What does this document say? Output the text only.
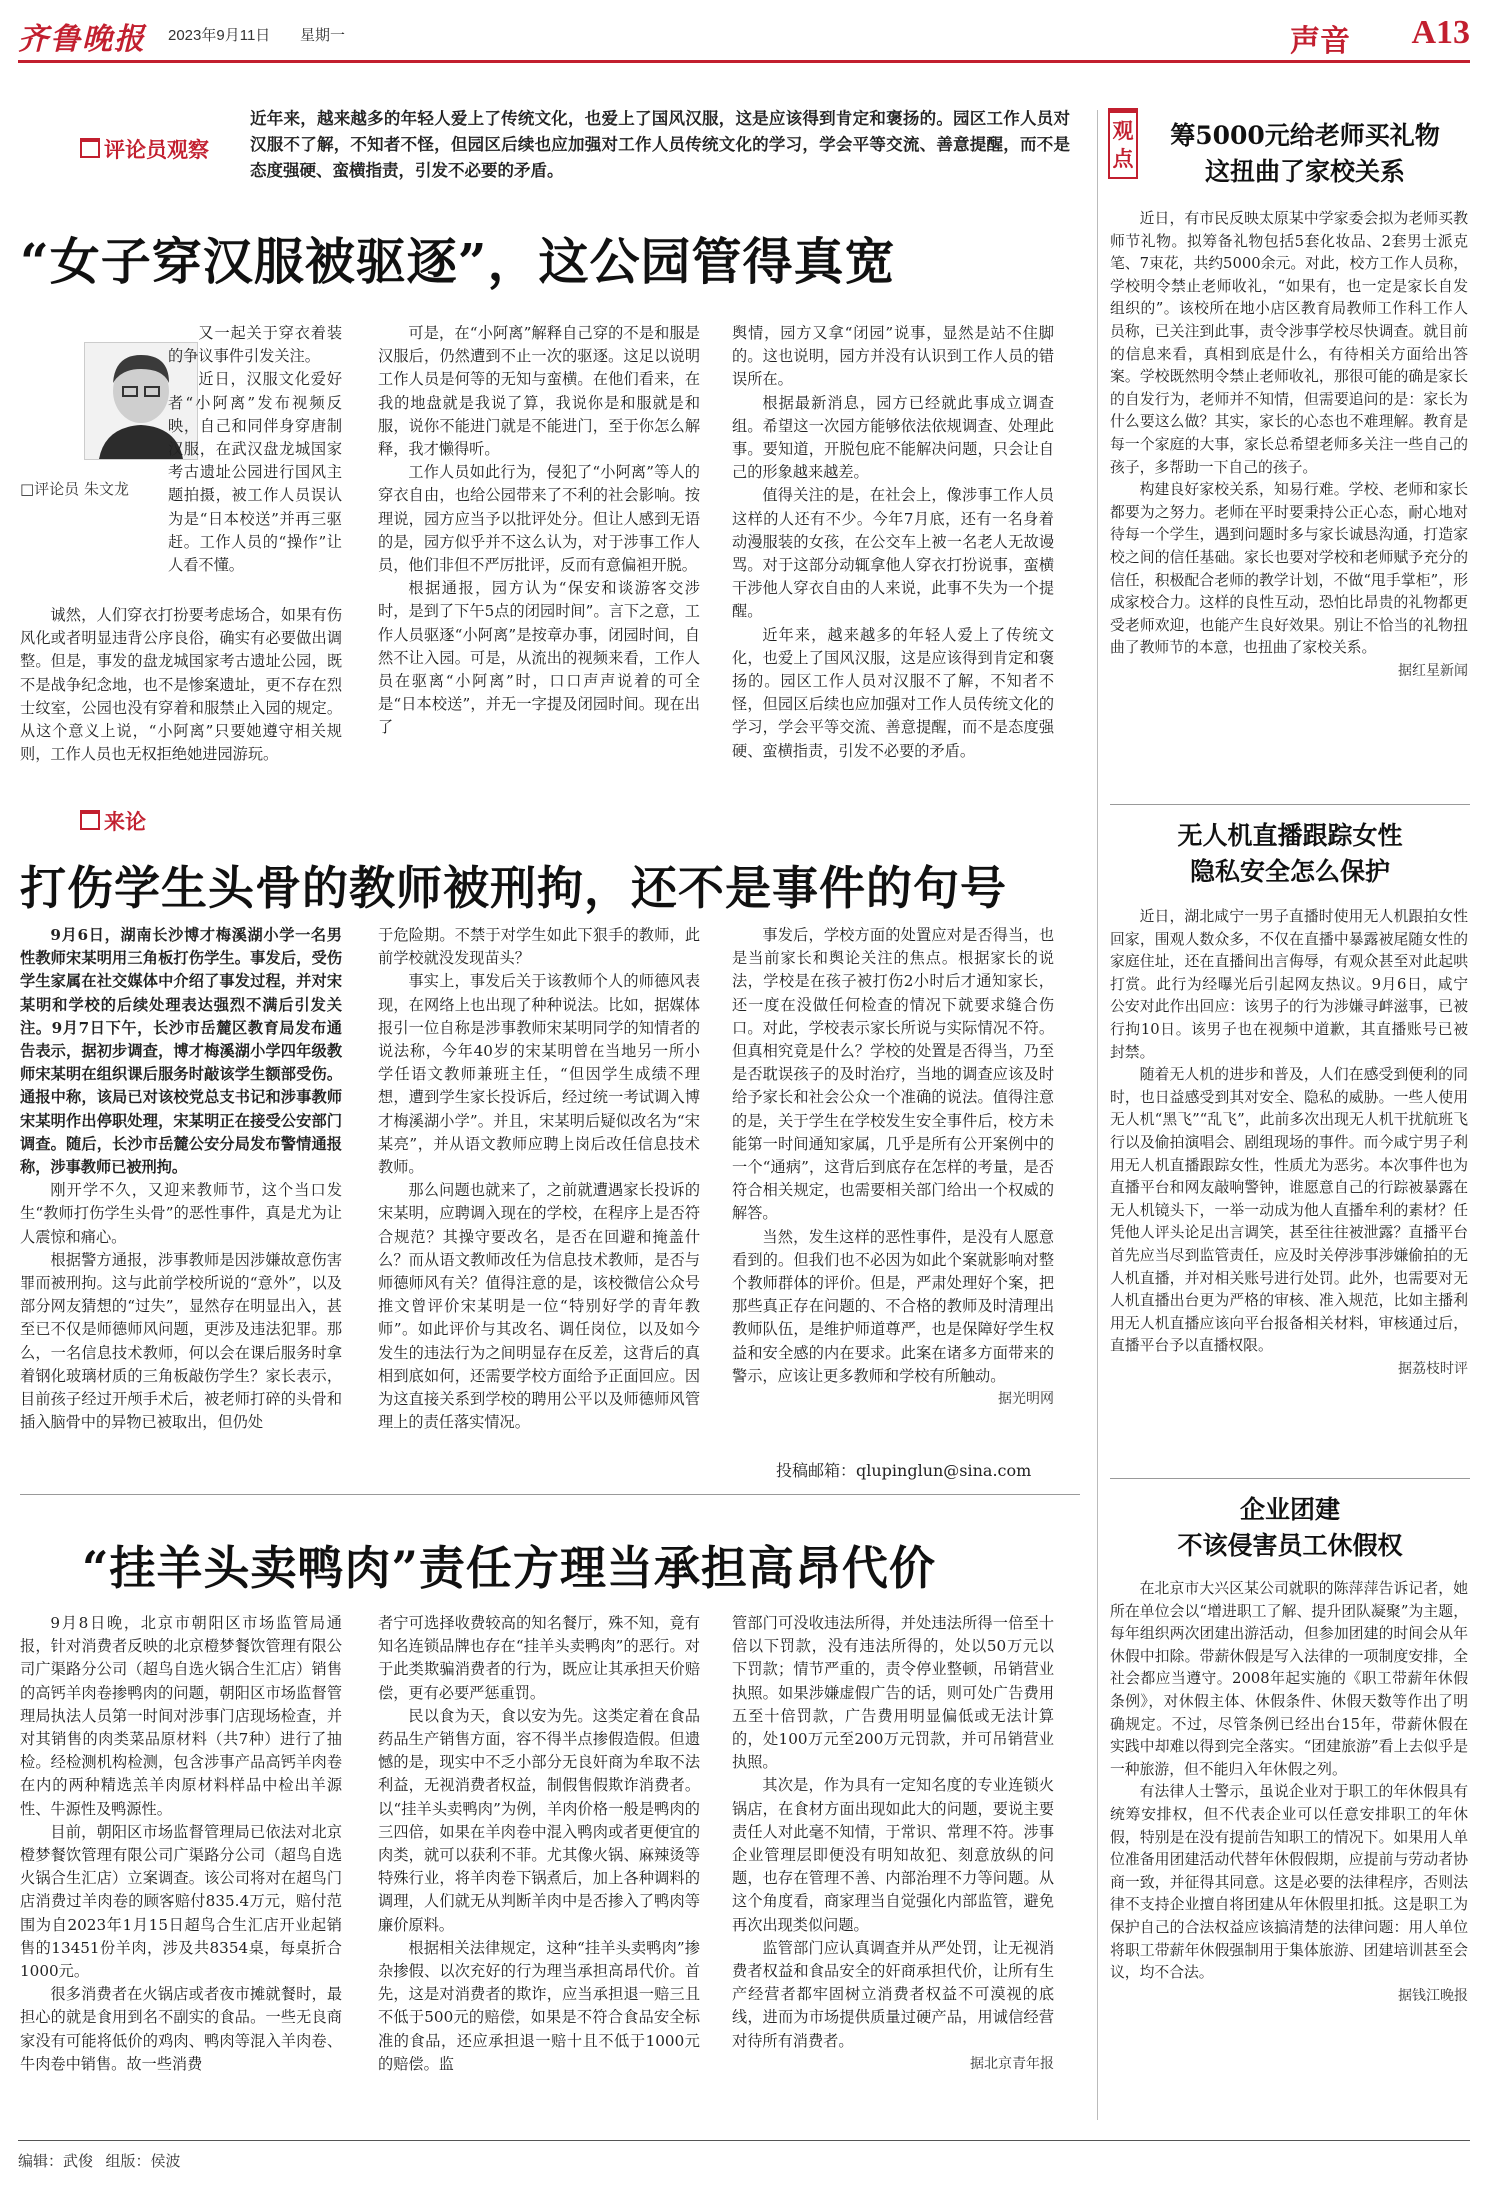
齐鲁晚报 2023年9月11日 星期一	声音 A13
近年来，越来越多的年轻人爱上了传统文化，也爱上了国风汉服，这是应该得到肯定和褒扬的。园区工作人员对汉服不了解，不知者不怪，但园区后续也应加强对工作人员传统文化的学习，学会平等交流、善意提醒，而不是态度强硬、蛮横指责，引发不必要的矛盾。
评论员观察
“女子穿汉服被驱逐”，这公园管得真宽
□评论员 朱文龙

又一起关于穿衣着装的争议事件引发关注。

近日，汉服文化爱好者“小阿离”发布视频反映，自己和同伴身穿唐制汉服，在武汉盘龙城国家考古遗址公园进行国风主题拍摄，被工作人员误认为是“日本校送”并再三驱赶。工作人员的“操作”让人看不懂。

诚然，人们穿衣打扮要考虑场合，如果有伤风化或者明显违背公序良俗，确实有必要做出调整。但是，事发的盘龙城国家考古遗址公园，既不是战争纪念地，也不是惨案遗址，更不存在烈士纹室，公园也没有穿着和服禁止入园的规定。从这个意义上说，“小阿离”只要她遵守相关规则，工作人员也无权拒绝她进园游玩。

可是，在“小阿离”解释自己穿的不是和服是汉服后，仍然遭到不止一次的驱逐。这足以说明工作人员是何等的无知与蛮横。在他们看来，在我的地盘就是我说了算，我说你是和服就是和服，说你不能进门就是不能进门，至于你怎么解释，我才懒得听。

工作人员如此行为，侵犯了“小阿离”等人的穿衣自由，也给公园带来了不利的社会影响。按理说，园方应当予以批评处分。但让人感到无语的是，园方似乎并不这么认为，对于涉事工作人员，他们非但不严厉批评，反而有意偏袒开脱。

根据通报，园方认为“保安和谈游客交涉时，是到了下午5点的闭园时间”。言下之意，工作人员驱逐“小阿离”是按章办事，闭园时间，自然不让入园。可是，从流出的视频来看，工作人员在驱离“小阿离”时，口口声声说着的可全是“日本校送”，并无一字提及闭园时间。现在出了

舆情，园方又拿“闭园”说事，显然是站不住脚的。这也说明，园方并没有认识到工作人员的错误所在。

根据最新消息，园方已经就此事成立调查组。希望这一次园方能够依法依规调查、处理此事。要知道，开脱包庇不能解决问题，只会让自己的形象越来越差。

值得关注的是，在社会上，像涉事工作人员这样的人还有不少。今年7月底，还有一名身着动漫服装的女孩，在公交车上被一名老人无故谩骂。对于这部分动辄拿他人穿衣打扮说事，蛮横干涉他人穿衣自由的人来说，此事不失为一个提醒。

近年来，越来越多的年轻人爱上了传统文化，也爱上了国风汉服，这是应该得到肯定和褒扬的。园区工作人员对汉服不了解，不知者不怪，但园区后续也应加强对工作人员传统文化的学习，学会平等交流、善意提醒，而不是态度强硬、蛮横指责，引发不必要的矛盾。

来论
打伤学生头骨的教师被刑拘，还不是事件的句号

9月6日，湖南长沙博才梅溪湖小学一名男性教师宋某明用三角板打伤学生。事发后，受伤学生家属在社交媒体中介绍了事发过程，并对宋某明和学校的后续处理表达强烈不满后引发关注。9月7日下午，长沙市岳麓区教育局发布通告表示，据初步调查，博才梅溪湖小学四年级教师宋某明在组织课后服务时敲该学生额部受伤。通报中称，该局已对该校党总支书记和涉事教师宋某明作出停职处理，宋某明正在接受公安部门调查。随后，长沙市岳麓公安分局发布警情通报称，涉事教师已被刑拘。

刚开学不久，又迎来教师节，这个当口发生“教师打伤学生头骨”的恶性事件，真是尤为让人震惊和痛心。

根据警方通报，涉事教师是因涉嫌故意伤害罪而被刑拘。这与此前学校所说的“意外”，以及部分网友猜想的“过失”，显然存在明显出入，甚至已不仅是师德师风问题，更涉及违法犯罪。那么，一名信息技术教师，何以会在课后服务时拿着钢化玻璃材质的三角板敲伤学生？家长表示，目前孩子经过开颅手术后，被老师打碎的头骨和插入脑骨中的异物已被取出，但仍处

于危险期。不禁于对学生如此下狠手的教师，此前学校就没发现苗头？

事实上，事发后关于该教师个人的师德风表现，在网络上也出现了种种说法。比如，据媒体报引一位自称是涉事教师宋某明同学的知情者的说法称，今年40岁的宋某明曾在当地另一所小学任语文教师兼班主任，“但因学生成绩不理想，遭到学生家长投诉后，经过统一考试调入博才梅溪湖小学”。并且，宋某明后疑似改名为“宋某亮”，并从语文教师应聘上岗后改任信息技术教师。

那么问题也就来了，之前就遭遇家长投诉的宋某明，应聘调入现在的学校，在程序上是否符合规范？其操守要改名，是否在回避和掩盖什么？而从语文教师改任为信息技术教师，是否与师德师风有关？值得注意的是，该校微信公众号推文曾评价宋某明是一位“特别好学的青年教师”。如此评价与其改名、调任岗位，以及如今发生的违法行为之间明显存在反差，这背后的真相到底如何，还需要学校方面给予正面回应。因为这直接关系到学校的聘用公平以及师德师风管理上的责任落实情况。

事发后，学校方面的处置应对是否得当，也是当前家长和舆论关注的焦点。根据家长的说法，学校是在孩子被打伤2小时后才通知家长，还一度在没做任何检查的情况下就要求缝合伤口。对此，学校表示家长所说与实际情况不符。但真相究竟是什么？学校的处置是否得当，乃至是否耽误孩子的及时治疗，当地的调查应该及时给予家长和社会公众一个准确的说法。值得注意的是，关于学生在学校发生安全事件后，校方未能第一时间通知家属，几乎是所有公开案例中的一个“通病”，这背后到底存在怎样的考量，是否符合相关规定，也需要相关部门给出一个权威的解答。

当然，发生这样的恶性事件，是没有人愿意看到的。但我们也不必因为如此个案就影响对整个教师群体的评价。但是，严肃处理好个案，把那些真正存在问题的、不合格的教师及时清理出教师队伍，是维护师道尊严，也是保障好学生权益和安全感的内在要求。此案在诸多方面带来的警示，应该让更多教师和学校有所触动。

据光明网
投稿邮箱：qlupinglun@sina.com
“挂羊头卖鸭肉”责任方理当承担高昂代价

9月8日晚，北京市朝阳区市场监管局通报，针对消费者反映的北京橙梦餐饮管理有限公司广渠路分公司（超鸟自选火锅合生汇店）销售的高钙羊肉卷掺鸭肉的问题，朝阳区市场监督管理局执法人员第一时间对涉事门店现场检查，并对其销售的肉类菜品原材料（共7种）进行了抽检。经检测机构检测，包含涉事产品高钙羊肉卷在内的两种精选羔羊肉原材料样品中检出羊源性、牛源性及鸭源性。

目前，朝阳区市场监督管理局已依法对北京橙梦餐饮管理有限公司广渠路分公司（超鸟自选火锅合生汇店）立案调查。该公司将对在超鸟门店消费过羊肉卷的顾客赔付835.4万元，赔付范围为自2023年1月15日超鸟合生汇店开业起销售的13451份羊肉，涉及共8354桌，每桌折合1000元。

很多消费者在火锅店或者夜市摊就餐时，最担心的就是食用到名不副实的食品。一些无良商家没有可能将低价的鸡肉、鸭肉等混入羊肉卷、牛肉卷中销售。故一些消费

者宁可选择收费较高的知名餐厅，殊不知，竟有知名连锁品牌也存在“挂羊头卖鸭肉”的恶行。对于此类欺骗消费者的行为，既应让其承担天价赔偿，更有必要严惩重罚。

民以食为天，食以安为先。这类定着在食品药品生产销售方面，容不得半点掺假造假。但遗憾的是，现实中不乏小部分无良奸商为牟取不法利益，无视消费者权益，制假售假欺诈消费者。以“挂羊头卖鸭肉”为例，羊肉价格一般是鸭肉的三四倍，如果在羊肉卷中混入鸭肉或者更便宜的肉类，就可以获利不菲。尤其像火锅、麻辣烫等特殊行业，将羊肉卷下锅煮后，加上各种调料的调理，人们就无从判断羊肉中是否掺入了鸭肉等廉价原料。

根据相关法律规定，这种“挂羊头卖鸭肉”掺杂掺假、以次充好的行为理当承担高昂代价。首先，这是对消费者的欺诈，应当承担退一赔三且不低于500元的赔偿，如果是不符合食品安全标准的食品，还应承担退一赔十且不低于1000元的赔偿。监

管部门可没收违法所得，并处违法所得一倍至十倍以下罚款，没有违法所得的，处以50万元以下罚款；情节严重的，责令停业整顿，吊销营业执照。如果涉嫌虚假广告的话，则可处广告费用五至十倍罚款，广告费用明显偏低或无法计算的，处100万元至200万元罚款，并可吊销营业执照。

其次是，作为具有一定知名度的专业连锁火锅店，在食材方面出现如此大的问题，要说主要责任人对此毫不知情，于常识、常理不符。涉事企业管理层即便没有明知故犯、刻意放纵的问题，也存在管理不善、内部治理不力等问题。从这个角度看，商家理当自觉强化内部监管，避免再次出现类似问题。

监管部门应认真调查并从严处罚，让无视消费者权益和食品安全的奸商承担代价，让所有生产经营者都牢固树立消费者权益不可漠视的底线，进而为市场提供质量过硬产品，用诚信经营对待所有消费者。

据北京青年报
观点
筹5000元给老师买礼物
这扭曲了家校关系

近日，有市民反映太原某中学家委会拟为老师买教师节礼物。拟筹备礼物包括5套化妆品、2套男士派克笔、7束花，共约5000余元。对此，校方工作人员称，学校明令禁止老师收礼，“如果有，也一定是家长自发组织的”。该校所在地小店区教育局教师工作科工作人员称，已关注到此事，责令涉事学校尽快调查。就目前的信息来看，真相到底是什么，有待相关方面给出答案。学校既然明令禁止老师收礼，那很可能的确是家长的自发行为，老师并不知情，但需要追问的是：家长为什么要这么做？其实，家长的心态也不难理解。教育是每一个家庭的大事，家长总希望老师多关注一些自己的孩子，多帮助一下自己的孩子。

构建良好家校关系，知易行难。学校、老师和家长都要为之努力。老师在平时要秉持公正心态，耐心地对待每一个学生，遇到问题时多与家长诚恳沟通，打造家校之间的信任基础。家长也要对学校和老师赋予充分的信任，积极配合老师的教学计划，不做“甩手掌柜”，形成家校合力。这样的良性互动，恐怕比昂贵的礼物都更受老师欢迎，也能产生良好效果。别让不恰当的礼物扭曲了教师节的本意，也扭曲了家校关系。

据红星新闻
无人机直播跟踪女性
隐私安全怎么保护

近日，湖北咸宁一男子直播时使用无人机跟拍女性回家，围观人数众多，不仅在直播中暴露被尾随女性的家庭住址，还在直播间出言侮辱，有观众甚至对此起哄打赏。此行为经曝光后引起网友热议。9月6日，咸宁公安对此作出回应：该男子的行为涉嫌寻衅滋事，已被行拘10日。该男子也在视频中道歉，其直播账号已被封禁。

随着无人机的进步和普及，人们在感受到便利的同时，也日益感受到其对安全、隐私的威胁。一些人使用无人机“黑飞”“乱飞”，此前多次出现无人机干扰航班飞行以及偷拍演唱会、剧组现场的事件。而今咸宁男子利用无人机直播跟踪女性，性质尤为恶劣。本次事件也为直播平台和网友敲响警钟，谁愿意自己的行踪被暴露在无人机镜头下，一举一动成为他人直播牟利的素材？任凭他人评头论足出言调笑，甚至往往被泄露？直播平台首先应当尽到监管责任，应及时关停涉事涉嫌偷拍的无人机直播，并对相关账号进行处罚。此外，也需要对无人机直播出台更为严格的审核、准入规范，比如主播利用无人机直播应该向平台报备相关材料，审核通过后，直播平台予以直播权限。

据荔枝时评
企业团建
不该侵害员工休假权

在北京市大兴区某公司就职的陈萍萍告诉记者，她所在单位会以“增进职工了解、提升团队凝聚”为主题，每年组织两次团建出游活动，但参加团建的时间会从年休假中扣除。带薪休假是写入法律的一项制度安排，全社会都应当遵守。2008年起实施的《职工带薪年休假条例》，对休假主体、休假条件、休假天数等作出了明确规定。不过，尽管条例已经出台15年，带薪休假在实践中却难以得到完全落实。“团建旅游”看上去似乎是一种旅游，但不能归入年休假之列。

有法律人士警示，虽说企业对于职工的年休假具有统筹安排权，但不代表企业可以任意安排职工的年休假，特别是在没有提前告知职工的情况下。如果用人单位准备用团建活动代替年休假假期，应提前与劳动者协商一致，并征得其同意。这是必要的法律程序，否则法律不支持企业擅自将团建从年休假里扣抵。这是职工为保护自己的合法权益应该搞清楚的法律问题：用人单位将职工带薪年休假强制用于集体旅游、团建培训甚至会议，均不合法。

据钱江晚报
编辑：武俊 组版：侯波
